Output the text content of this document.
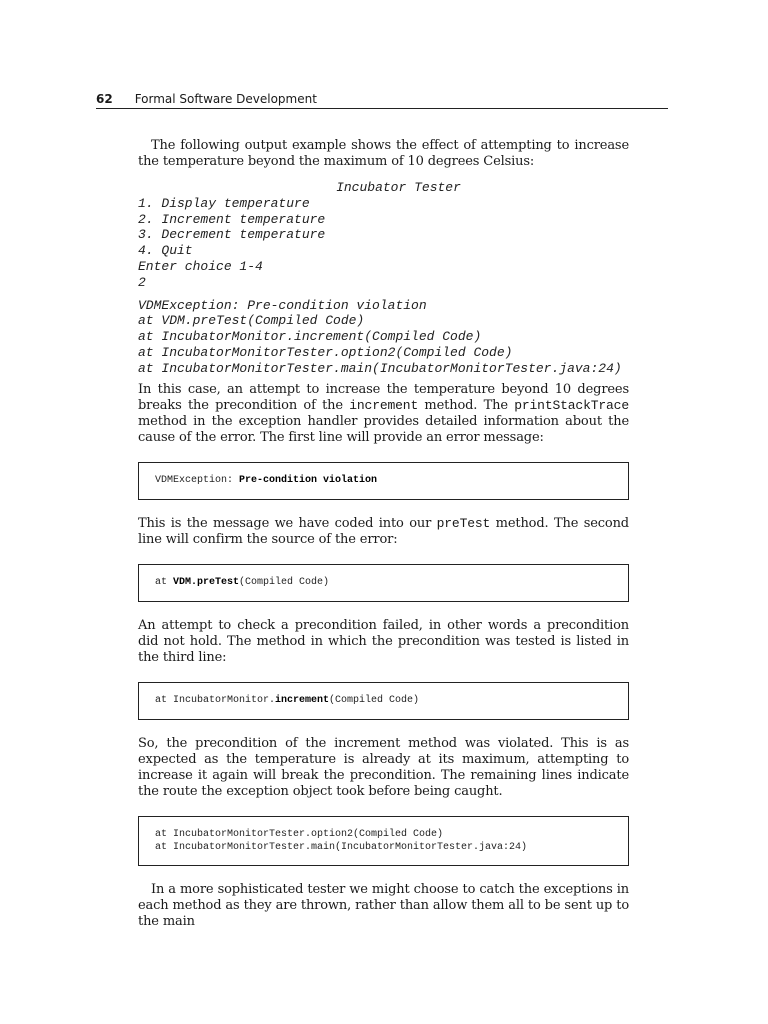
62 Formal Software Development

The following output example shows the effect of attempting to increase the temperature beyond the maximum of 10 degrees Celsius:

Incubator Tester
1. Display temperature
2. Increment temperature
3. Decrement temperature
4. Quit
Enter choice 1-4
2
VDMException: Pre-condition violation
at VDM.preTest(Compiled Code)
at IncubatorMonitor.increment(Compiled Code)
at IncubatorMonitorTester.option2(Compiled Code)
at IncubatorMonitorTester.main(IncubatorMonitorTester.java:24)

In this case, an attempt to increase the temperature beyond 10 degrees breaks the precondition of the increment method. The printStackTrace method in the exception handler provides detailed information about the cause of the error. The first line will provide an error message:

VDMException: Pre-condition violation

This is the message we have coded into our preTest method. The second line will confirm the source of the error:

at VDM.preTest(Compiled Code)

An attempt to check a precondition failed, in other words a precondition did not hold. The method in which the precondition was tested is listed in the third line:

at IncubatorMonitor.increment(Compiled Code)

So, the precondition of the increment method was violated. This is as expected as the temperature is already at its maximum, attempting to increase it again will break the precondition. The remaining lines indicate the route the exception object took before being caught.

at IncubatorMonitorTester.option2(Compiled Code)
at IncubatorMonitorTester.main(IncubatorMonitorTester.java:24)

In a more sophisticated tester we might choose to catch the exceptions in each method as they are thrown, rather than allow them all to be sent up to the main
